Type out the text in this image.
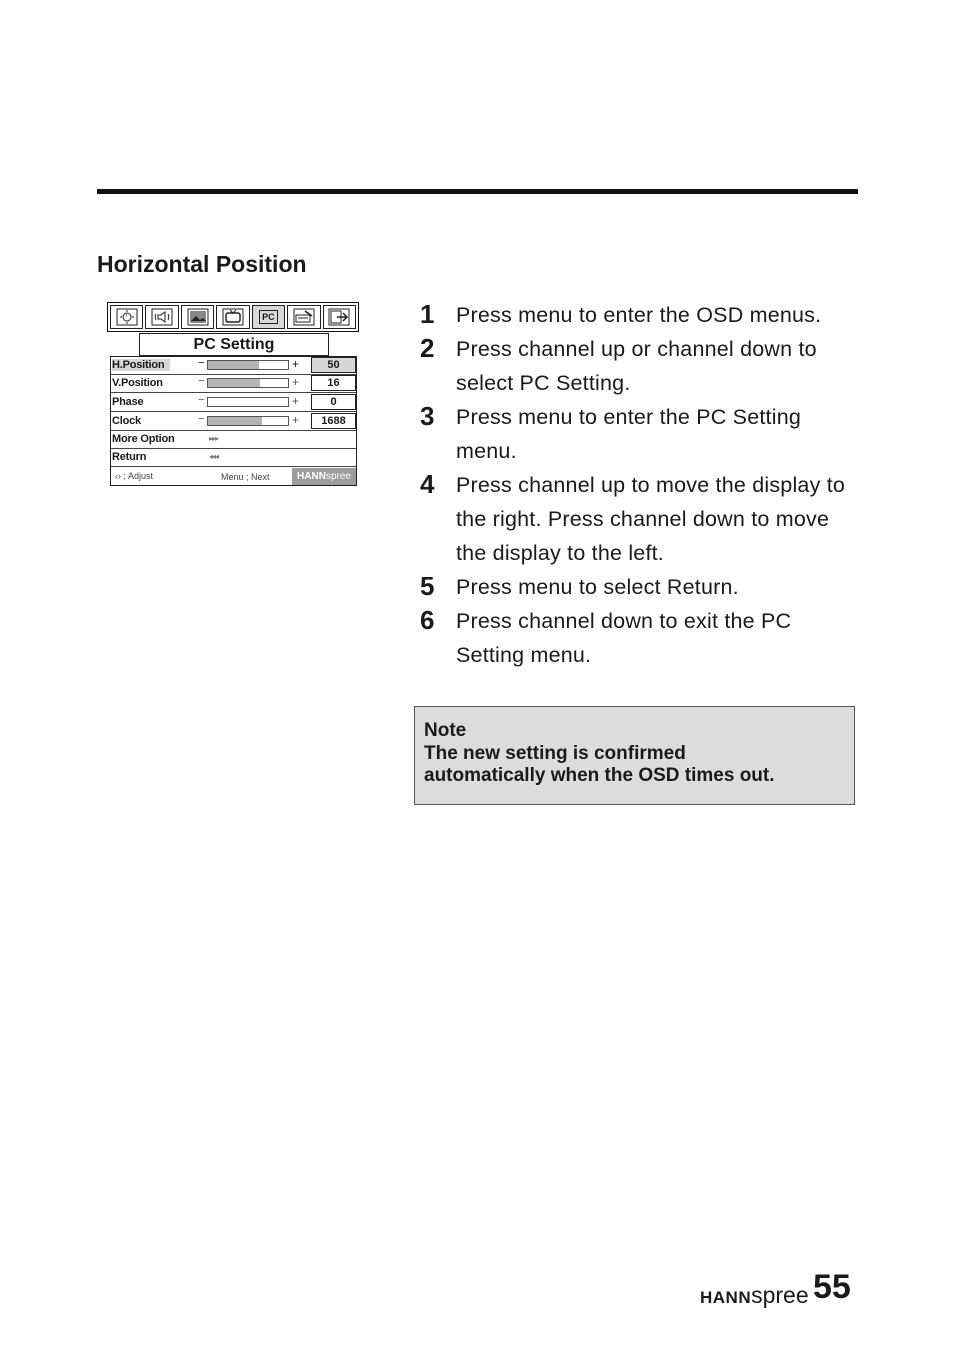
Horizontal Position
PC
PC Setting
H.Position	−	+	50
V.Position	−	+	16
Phase	−	+	0
Clock	−	+	1688
More Option	▸▸▸
Return	◂◂◂
‹› ; Adjust	Menu ; Next	HANNspree
1 Press menu to enter the OSD menus.
2 Press channel up or channel down to select PC Setting.
3 Press menu to enter the PC Setting menu.
4 Press channel up to move the display to the right. Press channel down to move the display to the left.
5 Press menu to select Return.
6 Press channel down to exit the PC Setting menu.
Note
The new setting is confirmed
automatically when the OSD times out.
HANNspree 55
